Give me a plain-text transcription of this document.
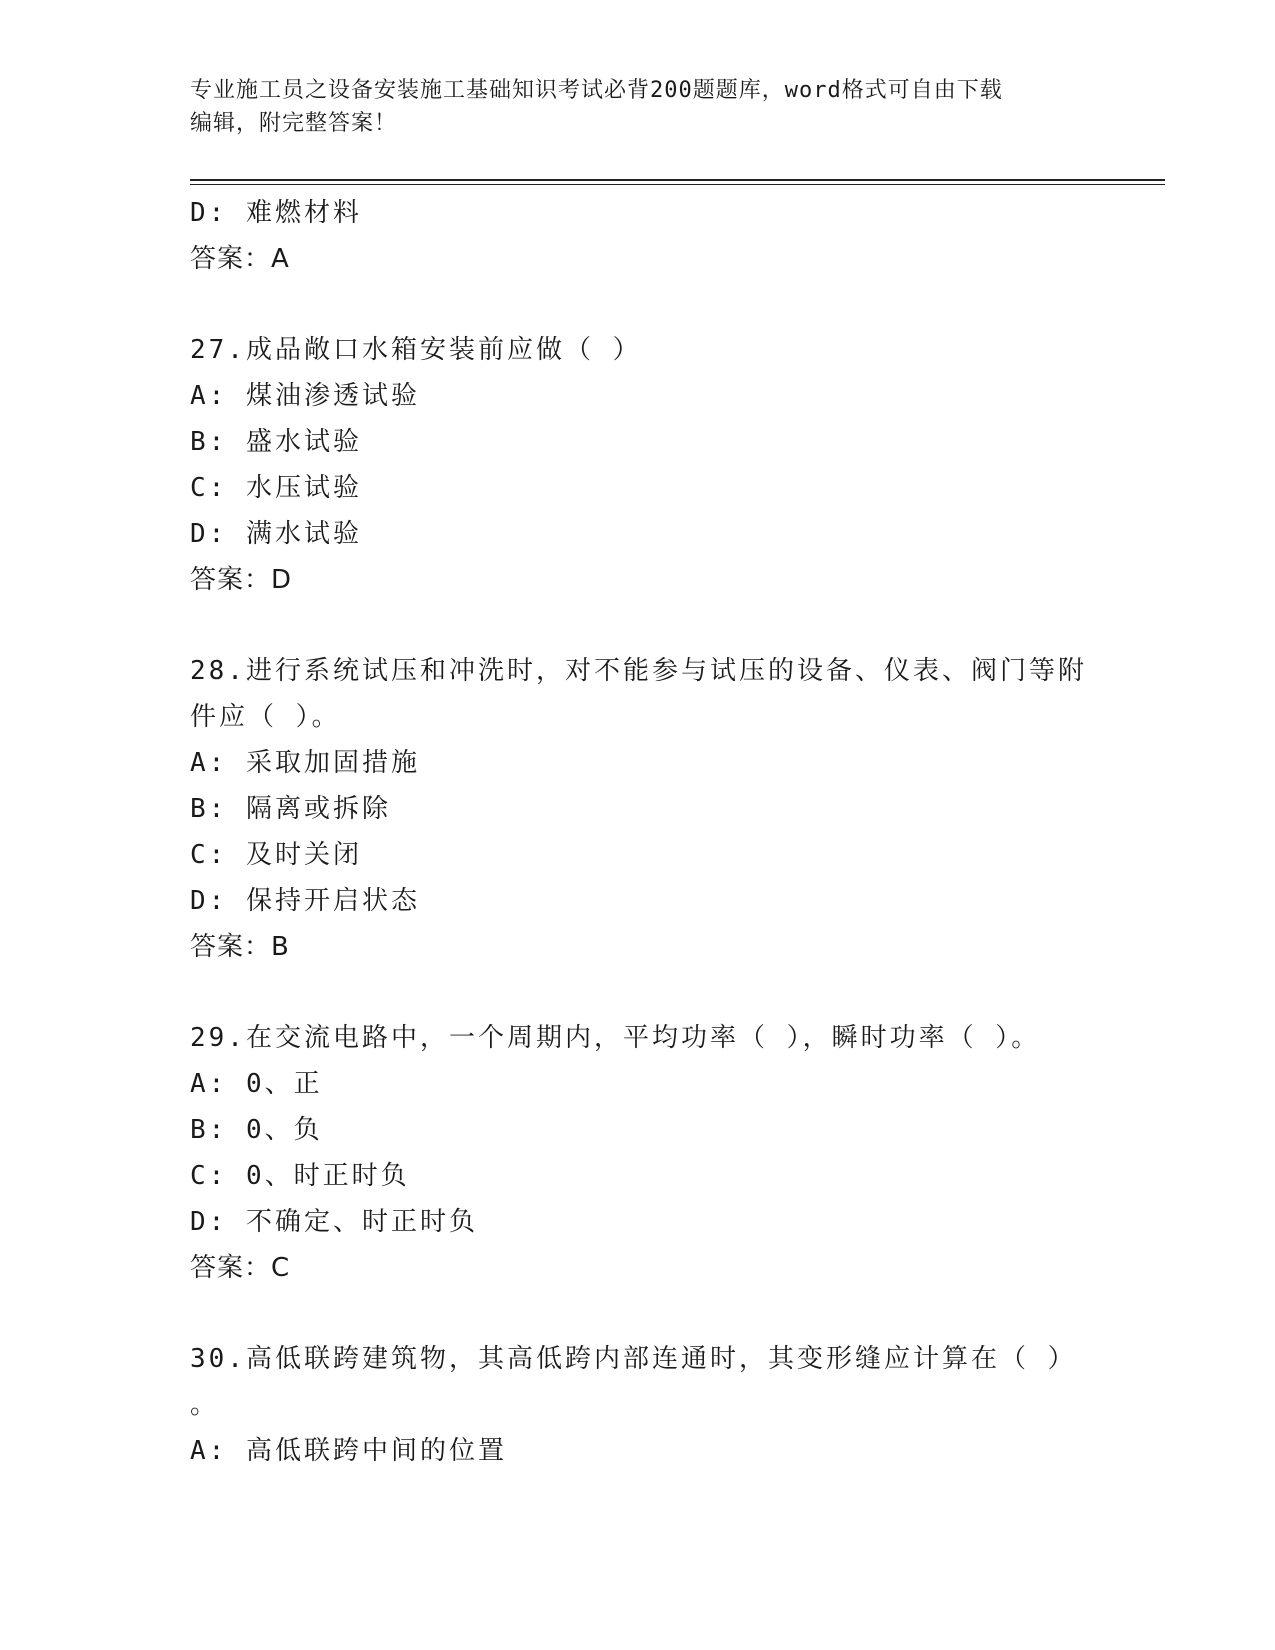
专业施工员之设备安装施工基础知识考试必背200题题库，word格式可自由下载
编辑，附完整答案！
D: 难燃材料
答案：A
27.成品敞口水箱安装前应做（ ）
A: 煤油渗透试验
B: 盛水试验
C: 水压试验
D: 满水试验
答案：D
28.进行系统试压和冲洗时，对不能参与试压的设备、仪表、阀门等附
件应（ ）。
A: 采取加固措施
B: 隔离或拆除
C: 及时关闭
D: 保持开启状态
答案：B
29.在交流电路中，一个周期内，平均功率（ ），瞬时功率（ ）。
A: 0、正
B: 0、负
C: 0、时正时负
D: 不确定、时正时负
答案：C
30.高低联跨建筑物，其高低跨内部连通时，其变形缝应计算在（ ）
。
A: 高低联跨中间的位置
